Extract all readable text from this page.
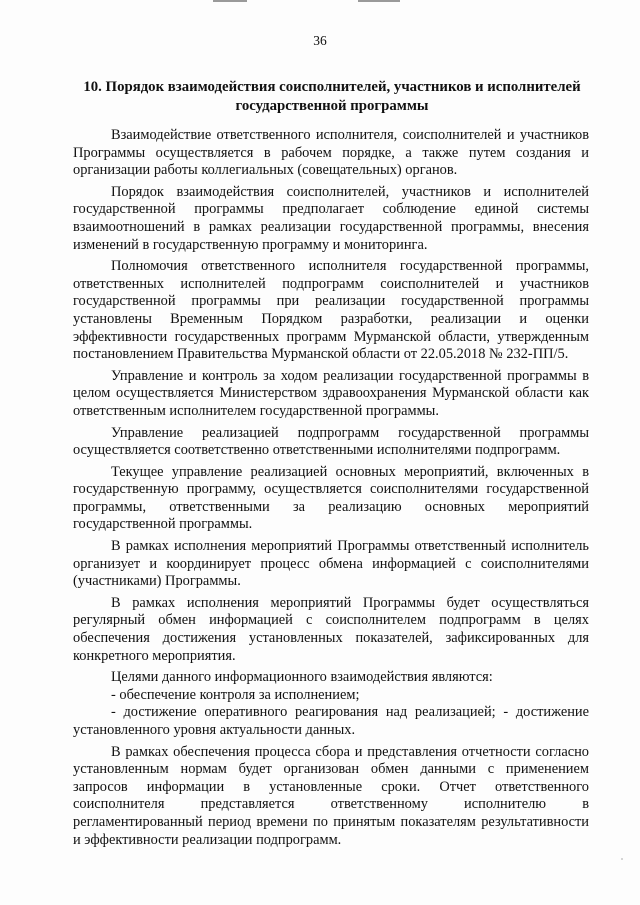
36
10. Порядок взаимодействия соисполнителей, участников и исполнителей государственной программы

Взаимодействие ответственного исполнителя, соисполнителей и участников Программы осуществляется в рабочем порядке, а также путем создания и организации работы коллегиальных (совещательных) органов.

Порядок взаимодействия соисполнителей, участников и исполнителей государственной программы предполагает соблюдение единой системы взаимоотношений в рамках реализации государственной программы, внесения изменений в государственную программу и мониторинга.

Полномочия ответственного исполнителя государственной программы, ответственных исполнителей подпрограмм соисполнителей и участников государственной программы при реализации государственной программы установлены Временным Порядком разработки, реализации и оценки эффективности государственных программ Мурманской области, утвержденным постановлением Правительства Мурманской области от 22.05.2018 № 232-ПП/5.

Управление и контроль за ходом реализации государственной программы в целом осуществляется Министерством здравоохранения Мурманской области как ответственным исполнителем государственной программы.

Управление реализацией подпрограмм государственной программы осуществляется соответственно ответственными исполнителями подпрограмм.

Текущее управление реализацией основных мероприятий, включенных в государственную программу, осуществляется соисполнителями государственной программы, ответственными за реализацию основных мероприятий государственной программы.

В рамках исполнения мероприятий Программы ответственный исполнитель организует и координирует процесс обмена информацией с соисполнителями (участниками) Программы.

В рамках исполнения мероприятий Программы будет осуществляться регулярный обмен информацией с соисполнителем подпрограмм в целях обеспечения достижения установленных показателей, зафиксированных для конкретного мероприятия.

Целями данного информационного взаимодействия являются:

- обеспечение контроля за исполнением;

- достижение оперативного реагирования над реализацией; - достижение установленного уровня актуальности данных.

В рамках обеспечения процесса сбора и представления отчетности согласно установленным нормам будет организован обмен данными с применением запросов информации в установленные сроки. Отчет ответственного соисполнителя представляется ответственному исполнителю в регламентированный период времени по принятым показателям результативности и эффективности реализации подпрограмм.
